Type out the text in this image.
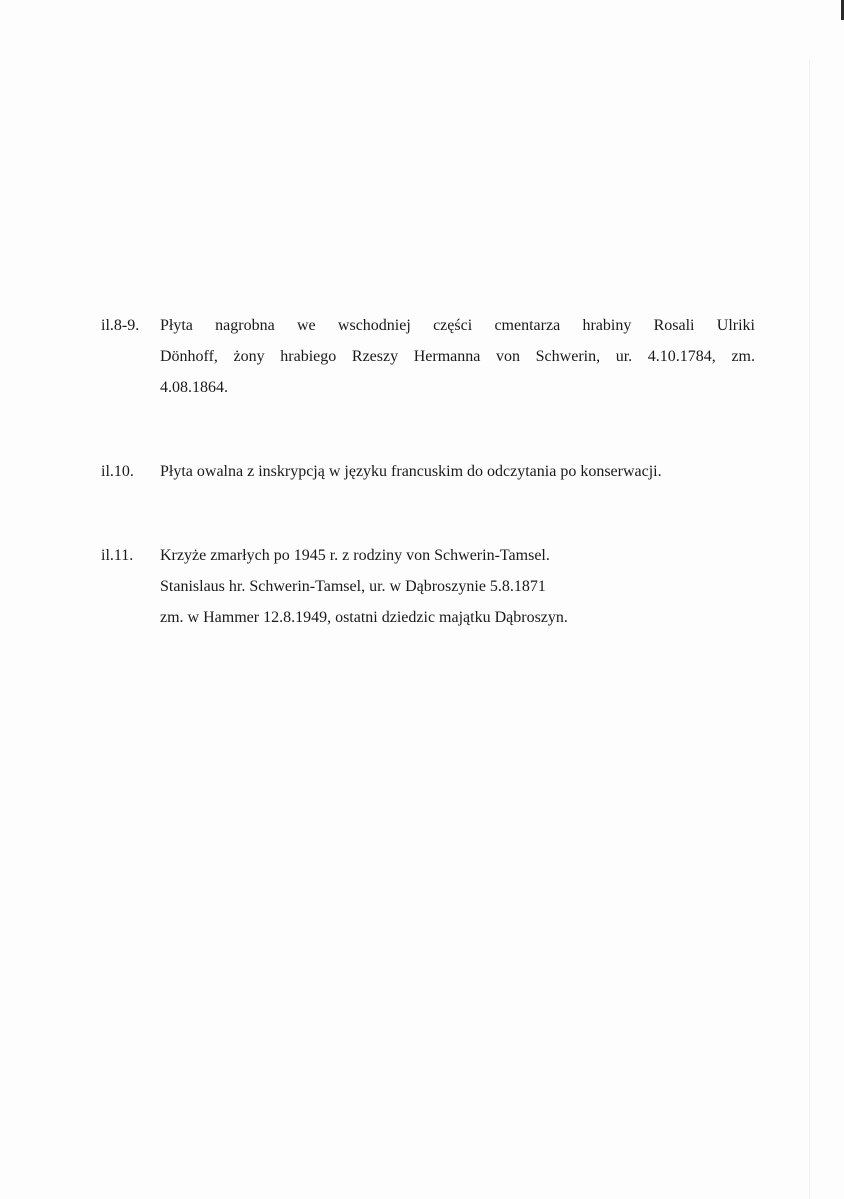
il.8-9. Płyta nagrobna we wschodniej części cmentarza hrabiny Rosali Ulriki
Dönhoff, żony hrabiego Rzeszy Hermanna von Schwerin, ur. 4.10.1784, zm.
4.08.1864.
il.10. Płyta owalna z inskrypcją w języku francuskim do odczytania po konserwacji.
il.11. Krzyże zmarłych po 1945 r. z rodziny von Schwerin-Tamsel.
Stanislaus hr. Schwerin-Tamsel, ur. w Dąbroszynie 5.8.1871
zm. w Hammer 12.8.1949, ostatni dziedzic majątku Dąbroszyn.
